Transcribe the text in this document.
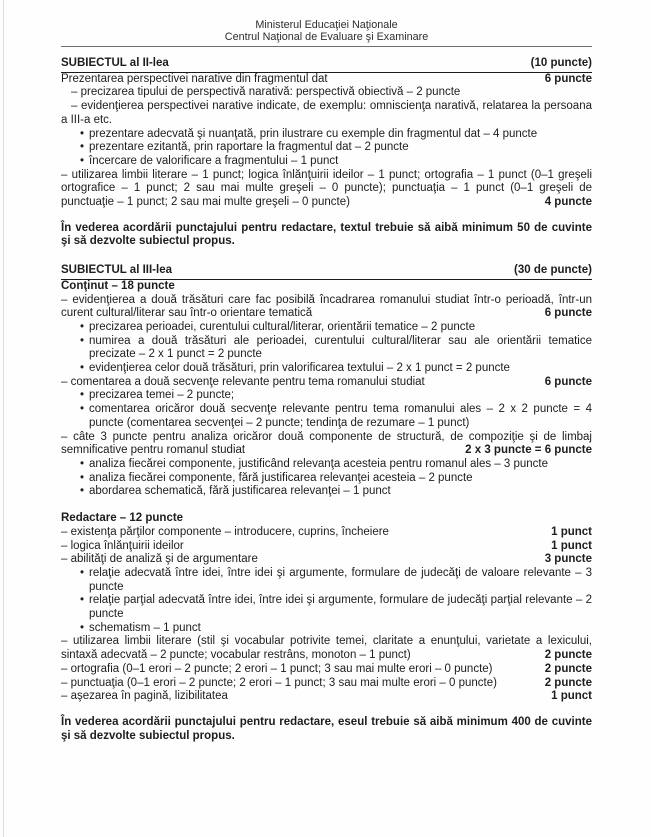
Ministerul Educaţiei Naţionale
Centrul Naţional de Evaluare şi Examinare
SUBIECTUL al II-lea	(10 puncte)
Prezentarea perspectivei narative din fragmentul dat	6 puncte
– precizarea tipului de perspectivă narativă: perspectivă obiectivă – 2 puncte
– evidenţierea perspectivei narative indicate, de exemplu: omniscienţa narativă, relatarea la persoana a III-a etc.
• prezentare adecvată şi nuanţată, prin ilustrare cu exemple din fragmentul dat – 4 puncte
• prezentare ezitantă, prin raportare la fragmentul dat – 2 puncte
• încercare de valorificare a fragmentului – 1 punct
– utilizarea limbii literare – 1 punct; logica înlănţuirii ideilor – 1 punct; ortografia – 1 punct (0–1 greşeli ortografice – 1 punct; 2 sau mai multe greşeli – 0 puncte); punctuaţia – 1 punct (0–1 greşeli de punctuaţie – 1 punct; 2 sau mai multe greşeli – 0 puncte)	4 puncte
În vederea acordării punctajului pentru redactare, textul trebuie să aibă minimum 50 de cuvinte şi să dezvolte subiectul propus.
SUBIECTUL al III-lea	(30 de puncte)
Conţinut – 18 puncte
– evidenţierea a două trăsături care fac posibilă încadrarea romanului studiat într-o perioadă, într-un curent cultural/literar sau într-o orientare tematică	6 puncte
• precizarea perioadei, curentului cultural/literar, orientării tematice – 2 puncte
• numirea a două trăsături ale perioadei, curentului cultural/literar sau ale orientării tematice precizate – 2 x 1 punct = 2 puncte
• evidenţierea celor două trăsături, prin valorificarea textului – 2 x 1 punct = 2 puncte
– comentarea a două secvenţe relevante pentru tema romanului studiat	6 puncte
• precizarea temei – 2 puncte;
• comentarea oricăror două secvenţe relevante pentru tema romanului ales – 2 x 2 puncte = 4 puncte (comentarea secvenţei – 2 puncte; tendinţa de rezumare – 1 punct)
– câte 3 puncte pentru analiza oricăror două componente de structură, de compoziţie şi de limbaj semnificative pentru romanul studiat	2 x 3 puncte = 6 puncte
• analiza fiecărei componente, justificând relevanţa acesteia pentru romanul ales – 3 puncte
• analiza fiecărei componente, fără justificarea relevanţei acesteia – 2 puncte
• abordarea schematică, fără justificarea relevanţei – 1 punct
Redactare – 12 puncte
– existenţa părţilor componente – introducere, cuprins, încheiere	1 punct
– logica înlănţuirii ideilor	1 punct
– abilităţi de analiză şi de argumentare	3 puncte
• relaţie adecvată între idei, între idei şi argumente, formulare de judecăţi de valoare relevante – 3 puncte
• relaţie parţial adecvată între idei, între idei şi argumente, formulare de judecăţi parţial relevante – 2 puncte
• schematism – 1 punct
– utilizarea limbii literare (stil şi vocabular potrivite temei, claritate a enunţului, varietate a lexicului, sintaxă adecvată – 2 puncte; vocabular restrâns, monoton – 1 punct)	2 puncte
– ortografia (0–1 erori – 2 puncte; 2 erori – 1 punct; 3 sau mai multe erori – 0 puncte)	2 puncte
– punctuaţia (0–1 erori – 2 puncte; 2 erori – 1 punct; 3 sau mai multe erori – 0 puncte)	2 puncte
– aşezarea în pagină, lizibilitatea	1 punct
În vederea acordării punctajului pentru redactare, eseul trebuie să aibă minimum 400 de cuvinte şi să dezvolte subiectul propus.
